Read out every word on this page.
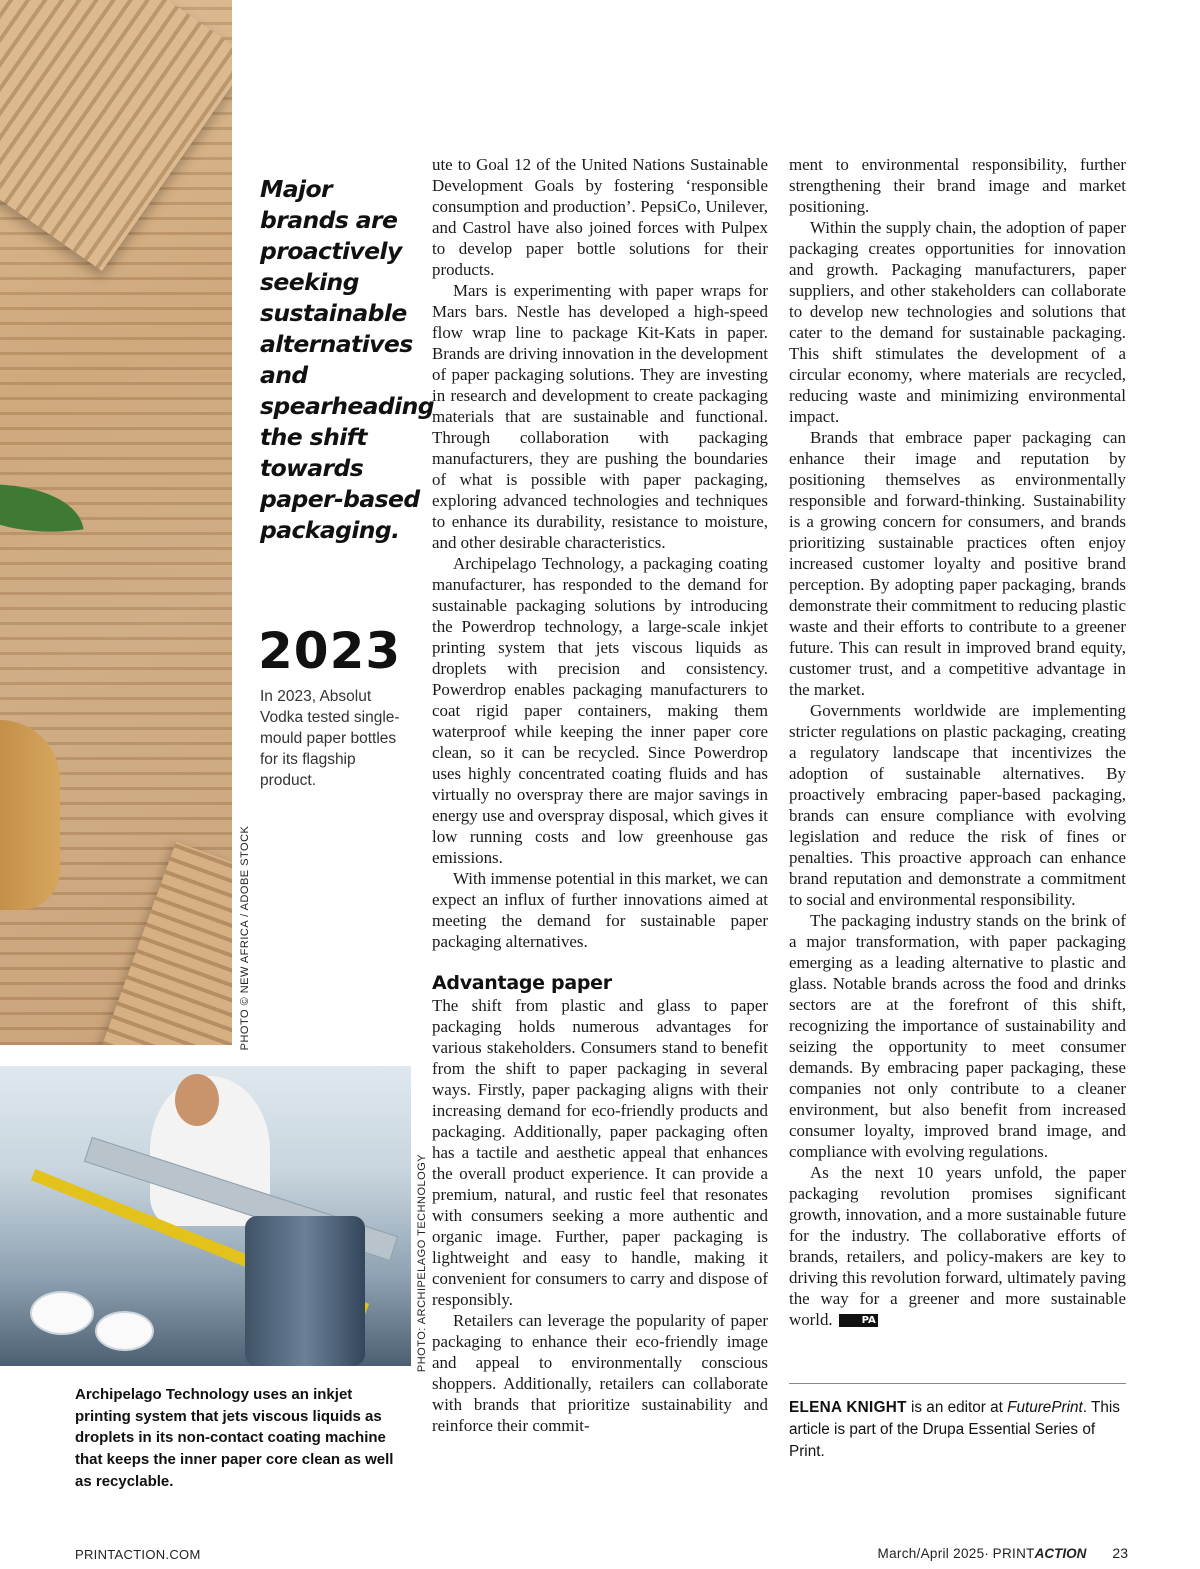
PHOTO © NEW AFRICA / ADOBE STOCK

Major brands are proactively seeking sustainable alternatives and spearheading the shift towards paper-based packaging.

2023
In 2023, Absolut Vodka tested single-mould paper bottles for its flagship product.
PHOTO: ARCHIPELAGO TECHNOLOGY

Archipelago Technology uses an inkjet printing system that jets viscous liquids as droplets in its non-contact coating machine that keeps the inner paper core clean as well as recyclable.

ute to Goal 12 of the United Nations Sustainable Development Goals by fostering ‘responsible consumption and production’. PepsiCo, Unilever, and Castrol have also joined forces with Pulpex to develop paper bottle solutions for their products.

Mars is experimenting with paper wraps for Mars bars. Nestle has developed a high-speed flow wrap line to package Kit-Kats in paper. Brands are driving innovation in the development of paper packaging solutions. They are investing in research and development to create packaging materials that are sustainable and functional. Through collaboration with packaging manufacturers, they are pushing the boundaries of what is possible with paper packaging, exploring advanced technologies and techniques to enhance its durability, resistance to moisture, and other desirable characteristics.

Archipelago Technology, a packaging coating manufacturer, has responded to the demand for sustainable packaging solutions by introducing the Powerdrop technology, a large-scale inkjet printing system that jets viscous liquids as droplets with precision and consistency. Powerdrop enables packaging manufacturers to coat rigid paper containers, making them waterproof while keeping the inner paper core clean, so it can be recycled. Since Powerdrop uses highly concentrated coating fluids and has virtually no overspray there are major savings in energy use and overspray disposal, which gives it low running costs and low greenhouse gas emissions.

With immense potential in this market, we can expect an influx of further innovations aimed at meeting the demand for sustainable paper packaging alternatives.

Advantage paper

The shift from plastic and glass to paper packaging holds numerous advantages for various stakeholders. Consumers stand to benefit from the shift to paper packaging in several ways. Firstly, paper packaging aligns with their increasing demand for eco-friendly products and packaging. Additionally, paper packaging often has a tactile and aesthetic appeal that enhances the overall product experience. It can provide a premium, natural, and rustic feel that resonates with consumers seeking a more authentic and organic image. Further, paper packaging is lightweight and easy to handle, making it convenient for consumers to carry and dispose of responsibly.

Retailers can leverage the popularity of paper packaging to enhance their eco-friendly image and appeal to environmentally conscious shoppers. Additionally, retailers can collaborate with brands that prioritize sustainability and reinforce their commit-

ment to environmental responsibility, further strengthening their brand image and market positioning.

Within the supply chain, the adoption of paper packaging creates opportunities for innovation and growth. Packaging manufacturers, paper suppliers, and other stakeholders can collaborate to develop new technologies and solutions that cater to the demand for sustainable packaging. This shift stimulates the development of a circular economy, where materials are recycled, reducing waste and minimizing environmental impact.

Brands that embrace paper packaging can enhance their image and reputation by positioning themselves as environmentally responsible and forward-thinking. Sustainability is a growing concern for consumers, and brands prioritizing sustainable practices often enjoy increased customer loyalty and positive brand perception. By adopting paper packaging, brands demonstrate their commitment to reducing plastic waste and their efforts to contribute to a greener future. This can result in improved brand equity, customer trust, and a competitive advantage in the market.

Governments worldwide are implementing stricter regulations on plastic packaging, creating a regulatory landscape that incentivizes the adoption of sustainable alternatives. By proactively embracing paper-based packaging, brands can ensure compliance with evolving legislation and reduce the risk of fines or penalties. This proactive approach can enhance brand reputation and demonstrate a commitment to social and environmental responsibility.

The packaging industry stands on the brink of a major transformation, with paper packaging emerging as a leading alternative to plastic and glass. Notable brands across the food and drinks sectors are at the forefront of this shift, recognizing the importance of sustainability and seizing the opportunity to meet consumer demands. By embracing paper packaging, these companies not only contribute to a cleaner environment, but also benefit from increased consumer loyalty, improved brand image, and compliance with evolving regulations.

As the next 10 years unfold, the paper packaging revolution promises significant growth, innovation, and a more sustainable future for the industry. The collaborative efforts of brands, retailers, and policy-makers are key to driving this revolution forward, ultimately paving the way for a greener and more sustainable world.	PA

ELENA KNIGHT is an editor at FuturePrint. This article is part of the Drupa Essential Series of Print.
PRINTACTION.COM	March/April 2025· PRINTACTION 23
